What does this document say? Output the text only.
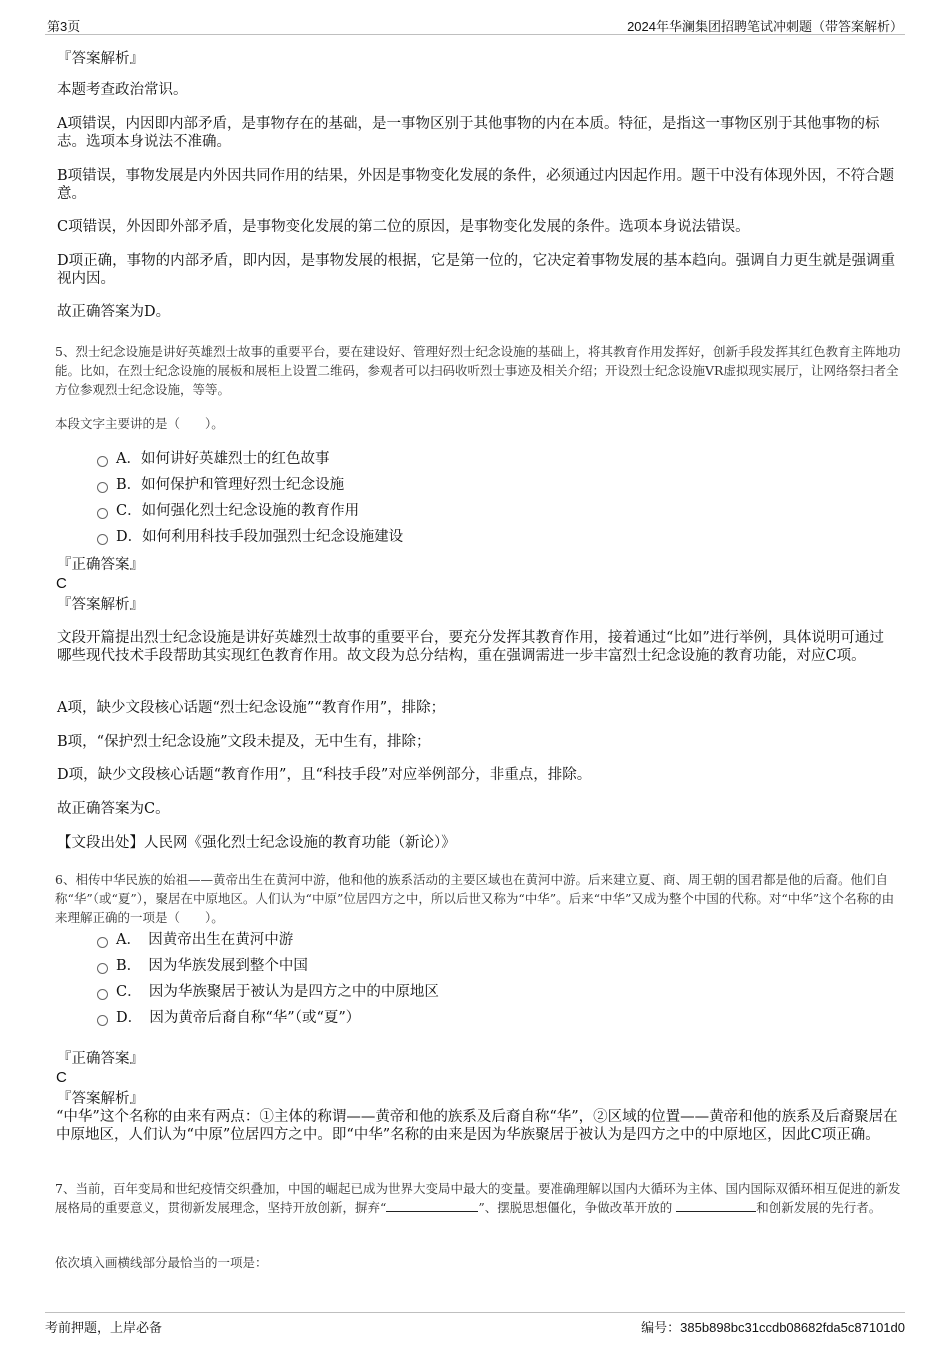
第3页	2024年华澜集团招聘笔试冲刺题（带答案解析）
『答案解析』

本题考查政治常识。

A项错误，内因即内部矛盾，是事物存在的基础，是一事物区别于其他事物的内在本质。特征，是指这一事物区别于其他事物的标志。选项本身说法不准确。

B项错误，事物发展是内外因共同作用的结果，外因是事物变化发展的条件，必须通过内因起作用。题干中没有体现外因，不符合题意。

C项错误，外因即外部矛盾，是事物变化发展的第二位的原因，是事物变化发展的条件。选项本身说法错误。

D项正确，事物的内部矛盾，即内因，是事物发展的根据，它是第一位的，它决定着事物发展的基本趋向。强调自力更生就是强调重视内因。

故正确答案为D。

5、烈士纪念设施是讲好英雄烈士故事的重要平台，要在建设好、管理好烈士纪念设施的基础上，将其教育作用发挥好，创新手段发挥其红色教育主阵地功能。比如，在烈士纪念设施的展板和展柜上设置二维码，参观者可以扫码收听烈士事迹及相关介绍；开设烈士纪念设施VR虚拟现实展厅，让网络祭扫者全方位参观烈士纪念设施，等等。

本段文字主要讲的是（　　）。

A．如何讲好英雄烈士的红色故事
B．如何保护和管理好烈士纪念设施
C．如何强化烈士纪念设施的教育作用
D．如何利用科技手段加强烈士纪念设施建设
『正确答案』
C
『答案解析』

文段开篇提出烈士纪念设施是讲好英雄烈士故事的重要平台，要充分发挥其教育作用，接着通过“比如”进行举例，具体说明可通过哪些现代技术手段帮助其实现红色教育作用。故文段为总分结构，重在强调需进一步丰富烈士纪念设施的教育功能，对应C项。

A项，缺少文段核心话题“烈士纪念设施”“教育作用”，排除；

B项，“保护烈士纪念设施”文段未提及，无中生有，排除；

D项，缺少文段核心话题“教育作用”，且“科技手段”对应举例部分，非重点，排除。

故正确答案为C。

【文段出处】人民网《强化烈士纪念设施的教育功能（新论）》

6、相传中华民族的始祖——黄帝出生在黄河中游，他和他的族系活动的主要区域也在黄河中游。后来建立夏、商、周王朝的国君都是他的后裔。他们自称“华”（或“夏”），聚居在中原地区。人们认为“中原”位居四方之中，所以后世又称为“中华”。后来“中华”又成为整个中国的代称。对“中华”这个名称的由来理解正确的一项是（　　）。

A．　因黄帝出生在黄河中游
B．　因为华族发展到整个中国
C．　因为华族聚居于被认为是四方之中的中原地区
D．　因为黄帝后裔自称“华”（或“夏”）
『正确答案』
C
『答案解析』

“中华”这个名称的由来有两点：①主体的称谓——黄帝和他的族系及后裔自称“华”，②区域的位置——黄帝和他的族系及后裔聚居在中原地区，人们认为“中原”位居四方之中。即“中华”名称的由来是因为华族聚居于被认为是四方之中的中原地区，因此C项正确。

7、当前，百年变局和世纪疫情交织叠加，中国的崛起已成为世界大变局中最大的变量。要准确理解以国内大循环为主体、国内国际双循环相互促进的新发展格局的重要意义，贯彻新发展理念，坚持开放创新，摒弃“	”、摆脱思想僵化，争做改革开放的	和创新发展的先行者。

依次填入画横线部分最恰当的一项是：

考前押题，上岸必备	编号：385b898bc31ccdb08682fda5c87101d0
